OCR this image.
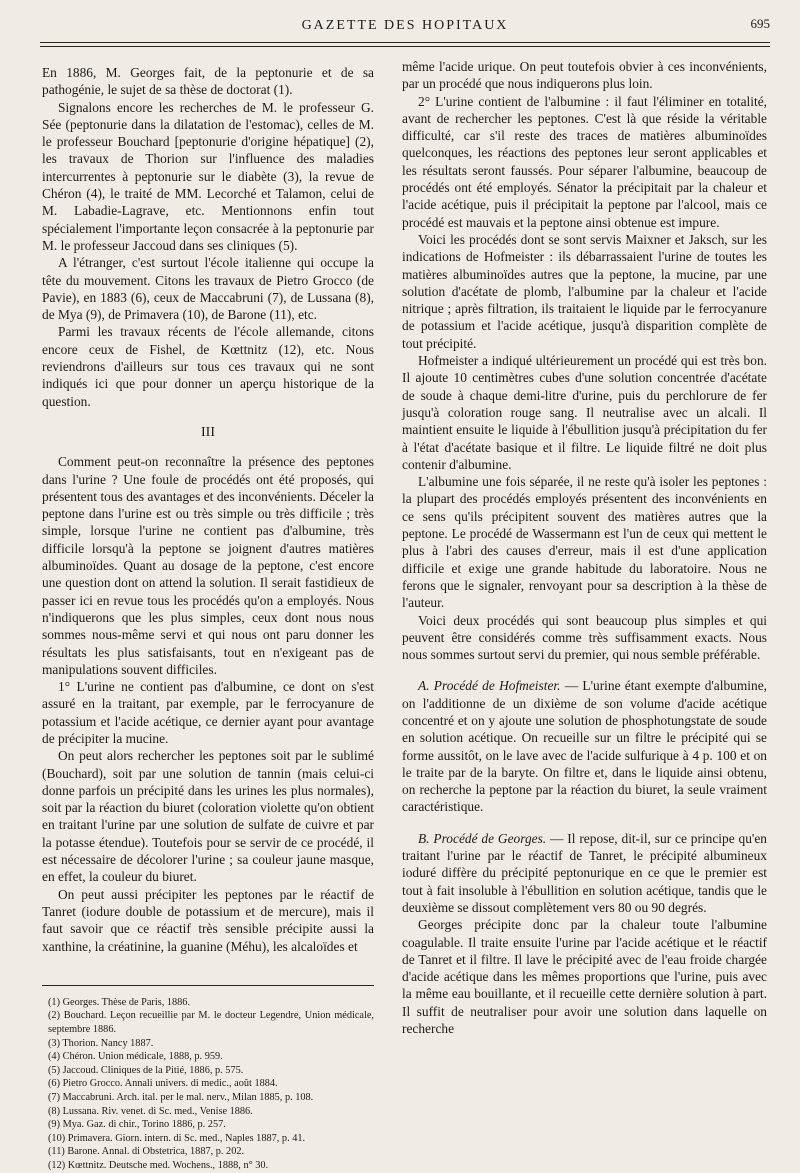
GAZETTE DES HOPITAUX	695

En 1886, M. Georges fait, de la peptonurie et de sa pathogénie, le sujet de sa thèse de doctorat (1).

Signalons encore les recherches de M. le professeur G. Sée (peptonurie dans la dilatation de l'estomac), celles de M. le professeur Bouchard [peptonurie d'origine hépatique] (2), les travaux de Thorion sur l'influence des maladies intercurrentes à peptonurie sur le diabète (3), la revue de Chéron (4), le traité de MM. Lecorché et Talamon, celui de M. Labadie-Lagrave, etc. Mentionnons enfin tout spécialement l'importante leçon consacrée à la peptonurie par M. le professeur Jaccoud dans ses cliniques (5).

A l'étranger, c'est surtout l'école italienne qui occupe la tête du mouvement. Citons les travaux de Pietro Grocco (de Pavie), en 1883 (6), ceux de Maccabruni (7), de Lussana (8), de Mya (9), de Primavera (10), de Barone (11), etc.

Parmi les travaux récents de l'école allemande, citons encore ceux de Fishel, de Kœttnitz (12), etc. Nous reviendrons d'ailleurs sur tous ces travaux qui ne sont indiqués ici que pour donner un aperçu historique de la question.

III

Comment peut-on reconnaître la présence des peptones dans l'urine ? Une foule de procédés ont été proposés, qui présentent tous des avantages et des inconvénients. Déceler la peptone dans l'urine est ou très simple ou très difficile ; très simple, lorsque l'urine ne contient pas d'albumine, très difficile lorsqu'à la peptone se joignent d'autres matières albuminoïdes. Quant au dosage de la peptone, c'est encore une question dont on attend la solution. Il serait fastidieux de passer ici en revue tous les procédés qu'on a employés. Nous n'indiquerons que les plus simples, ceux dont nous nous sommes nous-même servi et qui nous ont paru donner les résultats les plus satisfaisants, tout en n'exigeant pas de manipulations souvent difficiles.

1° L'urine ne contient pas d'albumine, ce dont on s'est assuré en la traitant, par exemple, par le ferrocyanure de potassium et l'acide acétique, ce dernier ayant pour avantage de précipiter la mucine.

On peut alors rechercher les peptones soit par le sublimé (Bouchard), soit par une solution de tannin (mais celui-ci donne parfois un précipité dans les urines les plus normales), soit par la réaction du biuret (coloration violette qu'on obtient en traitant l'urine par une solution de sulfate de cuivre et par la potasse étendue). Toutefois pour se servir de ce procédé, il est nécessaire de décolorer l'urine ; sa couleur jaune masque, en effet, la couleur du biuret.

On peut aussi précipiter les peptones par le réactif de Tanret (iodure double de potassium et de mercure), mais il faut savoir que ce réactif très sensible précipite aussi la xanthine, la créatinine, la guanine (Méhu), les alcaloïdes et

(1) Georges. Thèse de Paris, 1886.
(2) Bouchard. Leçon recueillie par M. le docteur Legendre, Union médicale, septembre 1886.
(3) Thorion. Nancy 1887.
(4) Chéron. Union médicale, 1888, p. 959.
(5) Jaccoud. Cliniques de la Pitié, 1886, p. 575.
(6) Pietro Grocco. Annali univers. di medic., août 1884.
(7) Maccabruni. Arch. ital. per le mal. nerv., Milan 1885, p. 108.
(8) Lussana. Riv. venet. di Sc. med., Venise 1886.
(9) Mya. Gaz. di chir., Torino 1886, p. 257.
(10) Primavera. Giorn. intern. di Sc. med., Naples 1887, p. 41.
(11) Barone. Annal. di Obstetrica, 1887, p. 202.
(12) Kœttnitz. Deutsche med. Wochens., 1888, n° 30.

même l'acide urique. On peut toutefois obvier à ces inconvénients, par un procédé que nous indiquerons plus loin.

2° L'urine contient de l'albumine : il faut l'éliminer en totalité, avant de rechercher les peptones. C'est là que réside la véritable difficulté, car s'il reste des traces de matières albuminoïdes quelconques, les réactions des peptones leur seront applicables et les résultats seront faussés. Pour séparer l'albumine, beaucoup de procédés ont été employés. Sénator la précipitait par la chaleur et l'acide acétique, puis il précipitait la peptone par l'alcool, mais ce procédé est mauvais et la peptone ainsi obtenue est impure.

Voici les procédés dont se sont servis Maixner et Jaksch, sur les indications de Hofmeister : ils débarrassaient l'urine de toutes les matières albuminoïdes autres que la peptone, la mucine, par une solution d'acétate de plomb, l'albumine par la chaleur et l'acide nitrique ; après filtration, ils traitaient le liquide par le ferrocyanure de potassium et l'acide acétique, jusqu'à disparition complète de tout précipité.

Hofmeister a indiqué ultérieurement un procédé qui est très bon. Il ajoute 10 centimètres cubes d'une solution concentrée d'acétate de soude à chaque demi-litre d'urine, puis du perchlorure de fer jusqu'à coloration rouge sang. Il neutralise avec un alcali. Il maintient ensuite le liquide à l'ébullition jusqu'à précipitation du fer à l'état d'acétate basique et il filtre. Le liquide filtré ne doit plus contenir d'albumine.

L'albumine une fois séparée, il ne reste qu'à isoler les peptones : la plupart des procédés employés présentent des inconvénients en ce sens qu'ils précipitent souvent des matières autres que la peptone. Le procédé de Wassermann est l'un de ceux qui mettent le plus à l'abri des causes d'erreur, mais il est d'une application difficile et exige une grande habitude du laboratoire. Nous ne ferons que le signaler, renvoyant pour sa description à la thèse de l'auteur.

Voici deux procédés qui sont beaucoup plus simples et qui peuvent être considérés comme très suffisamment exacts. Nous nous sommes surtout servi du premier, qui nous semble préférable.

A. Procédé de Hofmeister. — L'urine étant exempte d'albumine, on l'additionne de un dixième de son volume d'acide acétique concentré et on y ajoute une solution de phosphotungstate de soude en solution acétique. On recueille sur un filtre le précipité qui se forme aussitôt, on le lave avec de l'acide sulfurique à 4 p. 100 et on le traite par de la baryte. On filtre et, dans le liquide ainsi obtenu, on recherche la peptone par la réaction du biuret, la seule vraiment caractéristique.

B. Procédé de Georges. — Il repose, dit-il, sur ce principe qu'en traitant l'urine par le réactif de Tanret, le précipité albumineux ioduré diffère du précipité peptonurique en ce que le premier est tout à fait insoluble à l'ébullition en solution acétique, tandis que le deuxième se dissout complètement vers 80 ou 90 degrés.

Georges précipite donc par la chaleur toute l'albumine coagulable. Il traite ensuite l'urine par l'acide acétique et le réactif de Tanret et il filtre. Il lave le précipité avec de l'eau froide chargée d'acide acétique dans les mêmes proportions que l'urine, puis avec la même eau bouillante, et il recueille cette dernière solution à part. Il suffit de neutraliser pour avoir une solution dans laquelle on recherche
